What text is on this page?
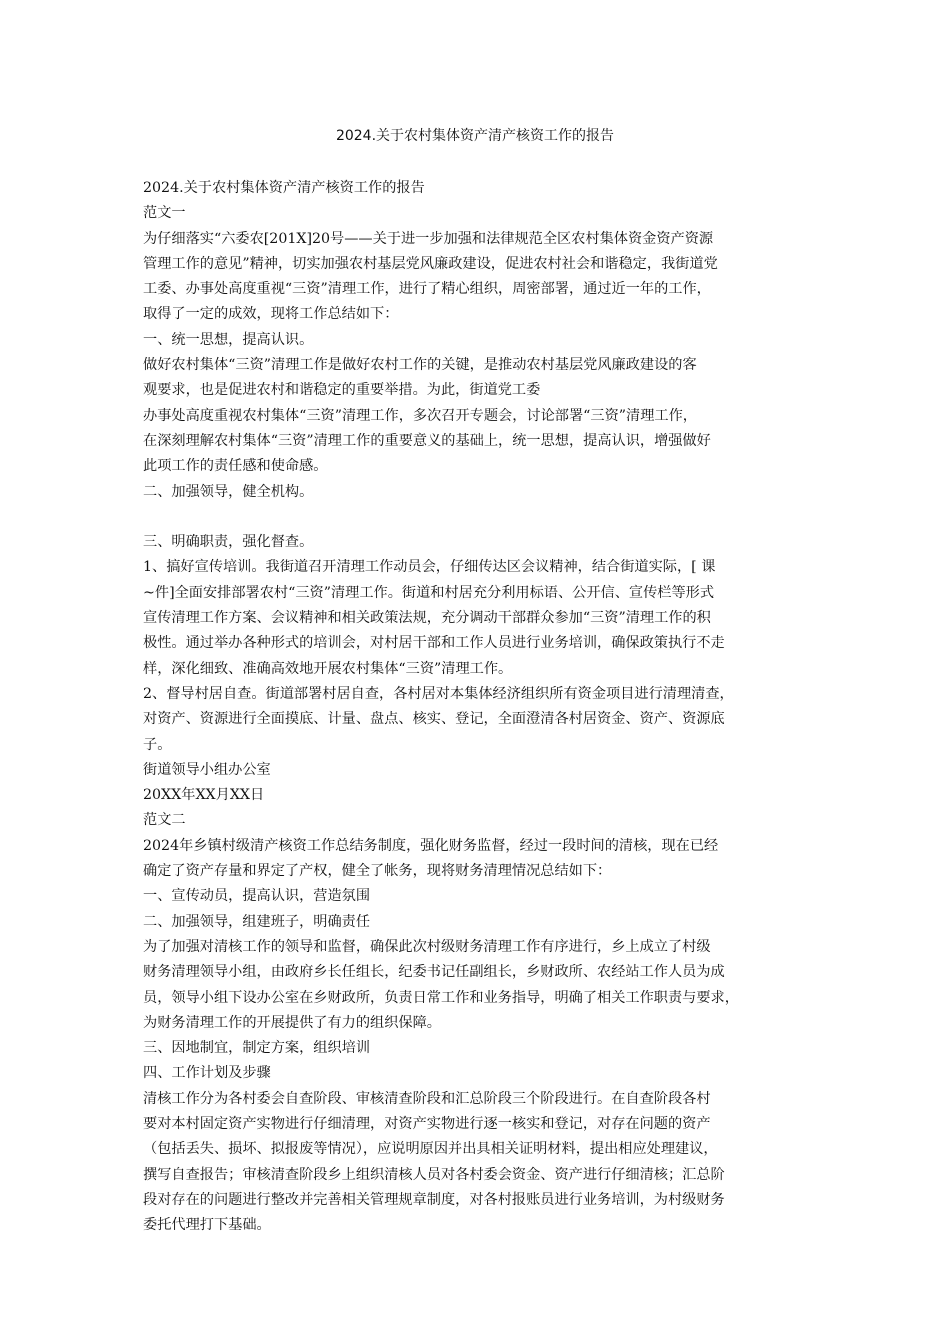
2024.关于农村集体资产清产核资工作的报告
2024.关于农村集体资产清产核资工作的报告
范文一
为仔细落实“六委农[201X]20号——关于进一步加强和法律规范全区农村集体资金资产资源
管理工作的意见”精神，切实加强农村基层党风廉政建设，促进农村社会和谐稳定，我街道党
工委、办事处高度重视“三资”清理工作，进行了精心组织，周密部署，通过近一年的工作，
取得了一定的成效，现将工作总结如下：
一、统一思想，提高认识。
做好农村集体“三资”清理工作是做好农村工作的关键，是推动农村基层党风廉政建设的客
观要求，也是促进农村和谐稳定的重要举措。为此，街道党工委
办事处高度重视农村集体“三资”清理工作，多次召开专题会，讨论部署“三资”清理工作，
在深刻理解农村集体“三资”清理工作的重要意义的基础上，统一思想，提高认识，增强做好
此项工作的责任感和使命感。
二、加强领导，健全机构。
三、明确职责，强化督查。
1、搞好宣传培训。我街道召开清理工作动员会，仔细传达区会议精神，结合街道实际，[ 课
~件]全面安排部署农村“三资”清理工作。街道和村居充分利用标语、公开信、宣传栏等形式
宣传清理工作方案、会议精神和相关政策法规，充分调动干部群众参加“三资”清理工作的积
极性。通过举办各种形式的培训会，对村居干部和工作人员进行业务培训，确保政策执行不走
样，深化细致、准确高效地开展农村集体“三资”清理工作。
2、督导村居自查。街道部署村居自查，各村居对本集体经济组织所有资金项目进行清理清查，
对资产、资源进行全面摸底、计量、盘点、核实、登记，全面澄清各村居资金、资产、资源底
子。
街道领导小组办公室
20XX年XX月XX日
范文二
2024年乡镇村级清产核资工作总结务制度，强化财务监督，经过一段时间的清核，现在已经
确定了资产存量和界定了产权，健全了帐务，现将财务清理情况总结如下：
一、宣传动员，提高认识，营造氛围
二、加强领导，组建班子，明确责任
为了加强对清核工作的领导和监督，确保此次村级财务清理工作有序进行，乡上成立了村级
财务清理领导小组，由政府乡长任组长，纪委书记任副组长，乡财政所、农经站工作人员为成
员，领导小组下设办公室在乡财政所，负责日常工作和业务指导，明确了相关工作职责与要求，
为财务清理工作的开展提供了有力的组织保障。
三、因地制宜，制定方案，组织培训
四、工作计划及步骤
清核工作分为各村委会自查阶段、审核清查阶段和汇总阶段三个阶段进行。在自查阶段各村
要对本村固定资产实物进行仔细清理，对资产实物进行逐一核实和登记，对存在问题的资产
（包括丢失、损坏、拟报废等情况），应说明原因并出具相关证明材料，提出相应处理建议，
撰写自查报告；审核清查阶段乡上组织清核人员对各村委会资金、资产进行仔细清核；汇总阶
段对存在的问题进行整改并完善相关管理规章制度，对各村报账员进行业务培训，为村级财务
委托代理打下基础。
